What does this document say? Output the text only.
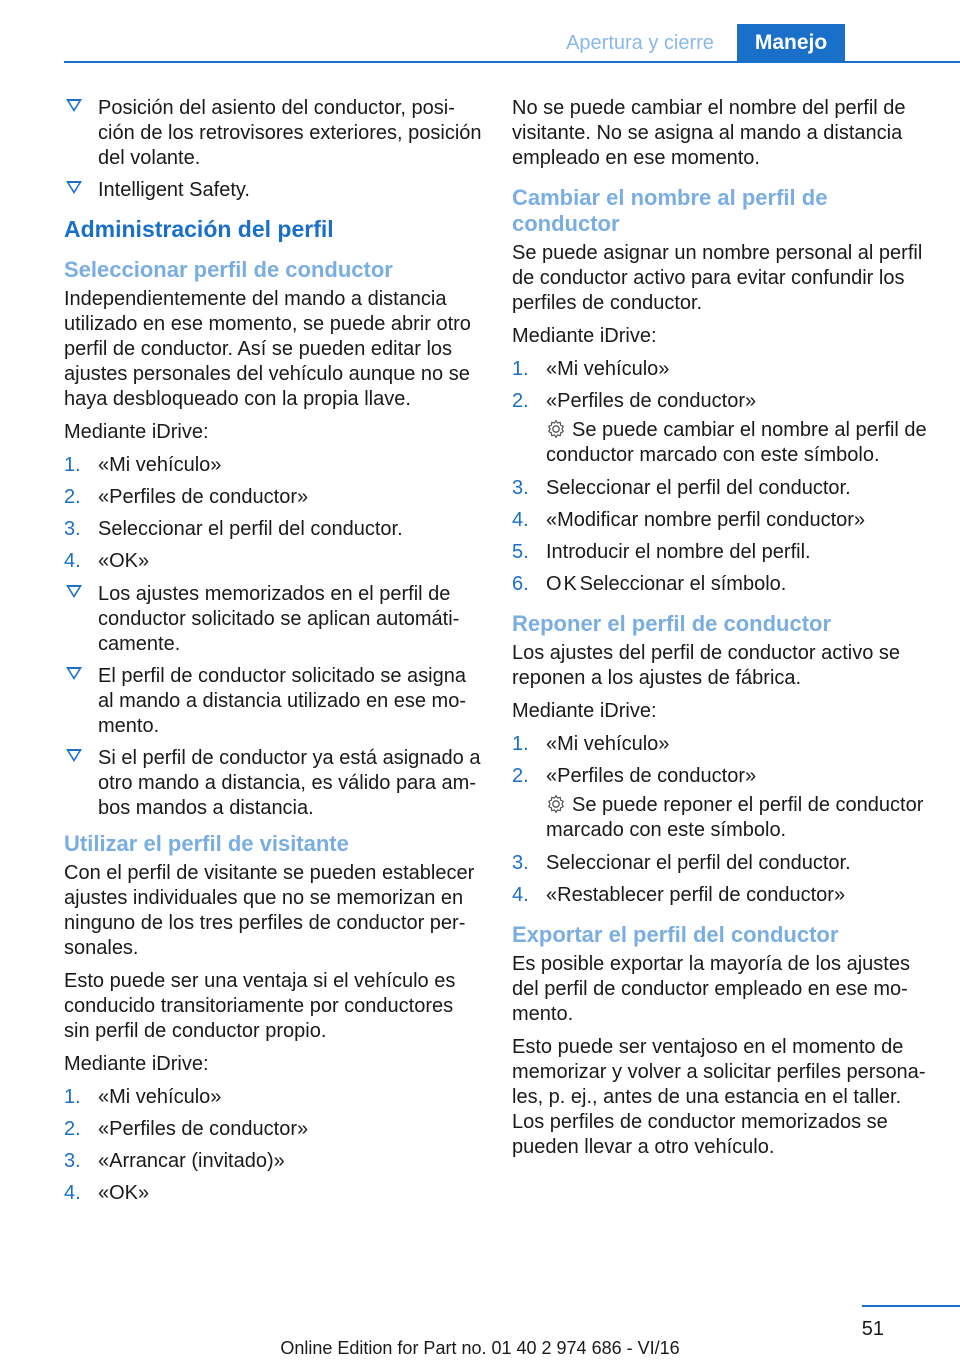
Apertura y cierre	Manejo
Posición del asiento del conductor, posición de los retrovisores exteriores, posición del volante.
Intelligent Safety.
Administración del perfil
Seleccionar perfil de conductor

Independientemente del mando a distancia utilizado en ese momento, se puede abrir otro perfil de conductor. Así se pueden editar los ajustes personales del vehículo aunque no se haya desbloqueado con la propia llave.

Mediante iDrive:

1. «Mi vehículo»
2. «Perfiles de conductor»
3. Seleccionar el perfil del conductor.
4. «OK»
Los ajustes memorizados en el perfil de conductor solicitado se aplican automáticamente.
El perfil de conductor solicitado se asigna al mando a distancia utilizado en ese momento.
Si el perfil de conductor ya está asignado a otro mando a distancia, es válido para ambos mandos a distancia.
Utilizar el perfil de visitante

Con el perfil de visitante se pueden establecer ajustes individuales que no se memorizan en ninguno de los tres perfiles de conductor personales.

Esto puede ser una ventaja si el vehículo es conducido transitoriamente por conductores sin perfil de conductor propio.

Mediante iDrive:

1. «Mi vehículo»
2. «Perfiles de conductor»
3. «Arrancar (invitado)»
4. «OK»

No se puede cambiar el nombre del perfil de visitante. No se asigna al mando a distancia empleado en ese momento.

Cambiar el nombre al perfil de conductor

Se puede asignar un nombre personal al perfil de conductor activo para evitar confundir los perfiles de conductor.

Mediante iDrive:

1. «Mi vehículo»
2. «Perfiles de conductor»
Se puede cambiar el nombre al perfil de conductor marcado con este símbolo.
3. Seleccionar el perfil del conductor.
4. «Modificar nombre perfil conductor»
5. Introducir el nombre del perfil.
6. OK Seleccionar el símbolo.
Reponer el perfil de conductor

Los ajustes del perfil de conductor activo se reponen a los ajustes de fábrica.

Mediante iDrive:

1. «Mi vehículo»
2. «Perfiles de conductor»
Se puede reponer el perfil de conductor marcado con este símbolo.
3. Seleccionar el perfil del conductor.
4. «Restablecer perfil de conductor»
Exportar el perfil del conductor

Es posible exportar la mayoría de los ajustes del perfil de conductor empleado en ese momento.

Esto puede ser ventajoso en el momento de memorizar y volver a solicitar perfiles personales, p. ej., antes de una estancia en el taller. Los perfiles de conductor memorizados se pueden llevar a otro vehículo.

51
Online Edition for Part no. 01 40 2 974 686 - VI/16
